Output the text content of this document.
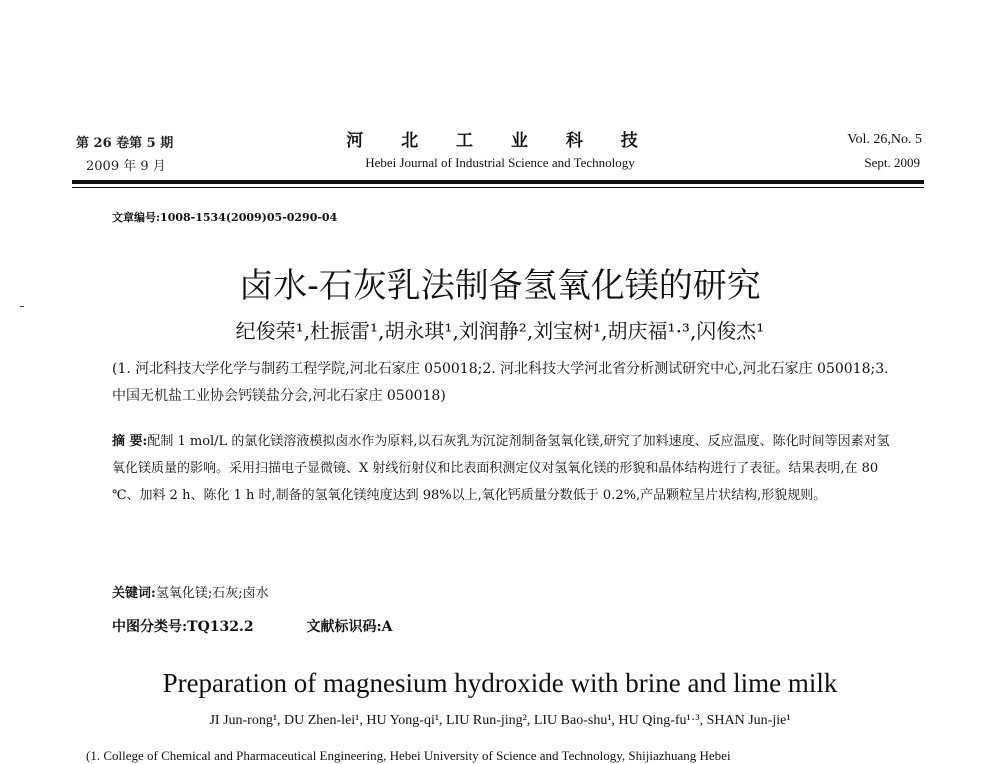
第 26 卷第 5 期
2009 年 9 月
河 北 工 业 科 技
Hebei Journal of Industrial Science and Technology
Vol. 26,No. 5
Sept. 2009
文章编号:1008-1534(2009)05-0290-04
卤水-石灰乳法制备氢氧化镁的研究
纪俊荣¹,杜振雷¹,胡永琪¹,刘润静²,刘宝树¹,胡庆福¹·³,闪俊杰¹
(1. 河北科技大学化学与制药工程学院,河北石家庄 050018;2. 河北科技大学河北省分析测试研究中心,河北石家庄 050018;3. 中国无机盐工业协会钙镁盐分会,河北石家庄 050018)
摘 要:配制 1 mol/L 的氯化镁溶液模拟卤水作为原料,以石灰乳为沉淀剂制备氢氧化镁,研究了加料速度、反应温度、陈化时间等因素对氢氧化镁质量的影响。采用扫描电子显微镜、X 射线衍射仪和比表面积测定仪对氢氧化镁的形貌和晶体结构进行了表征。结果表明,在 80 ℃、加料 2 h、陈化 1 h 时,制备的氢氧化镁纯度达到 98%以上,氧化钙质量分数低于 0.2%,产品颗粒呈片状结构,形貌规则。
关键词:氢氧化镁;石灰;卤水
中图分类号:TQ132.2	文献标识码:A
Preparation of magnesium hydroxide with brine and lime milk
JI Jun-rong¹, DU Zhen-lei¹, HU Yong-qi¹, LIU Run-jing², LIU Bao-shu¹, HU Qing-fu¹·³, SHAN Jun-jie¹
(1. College of Chemical and Pharmaceutical Engineering, Hebei University of Science and Technology, Shijiazhuang Hebei
